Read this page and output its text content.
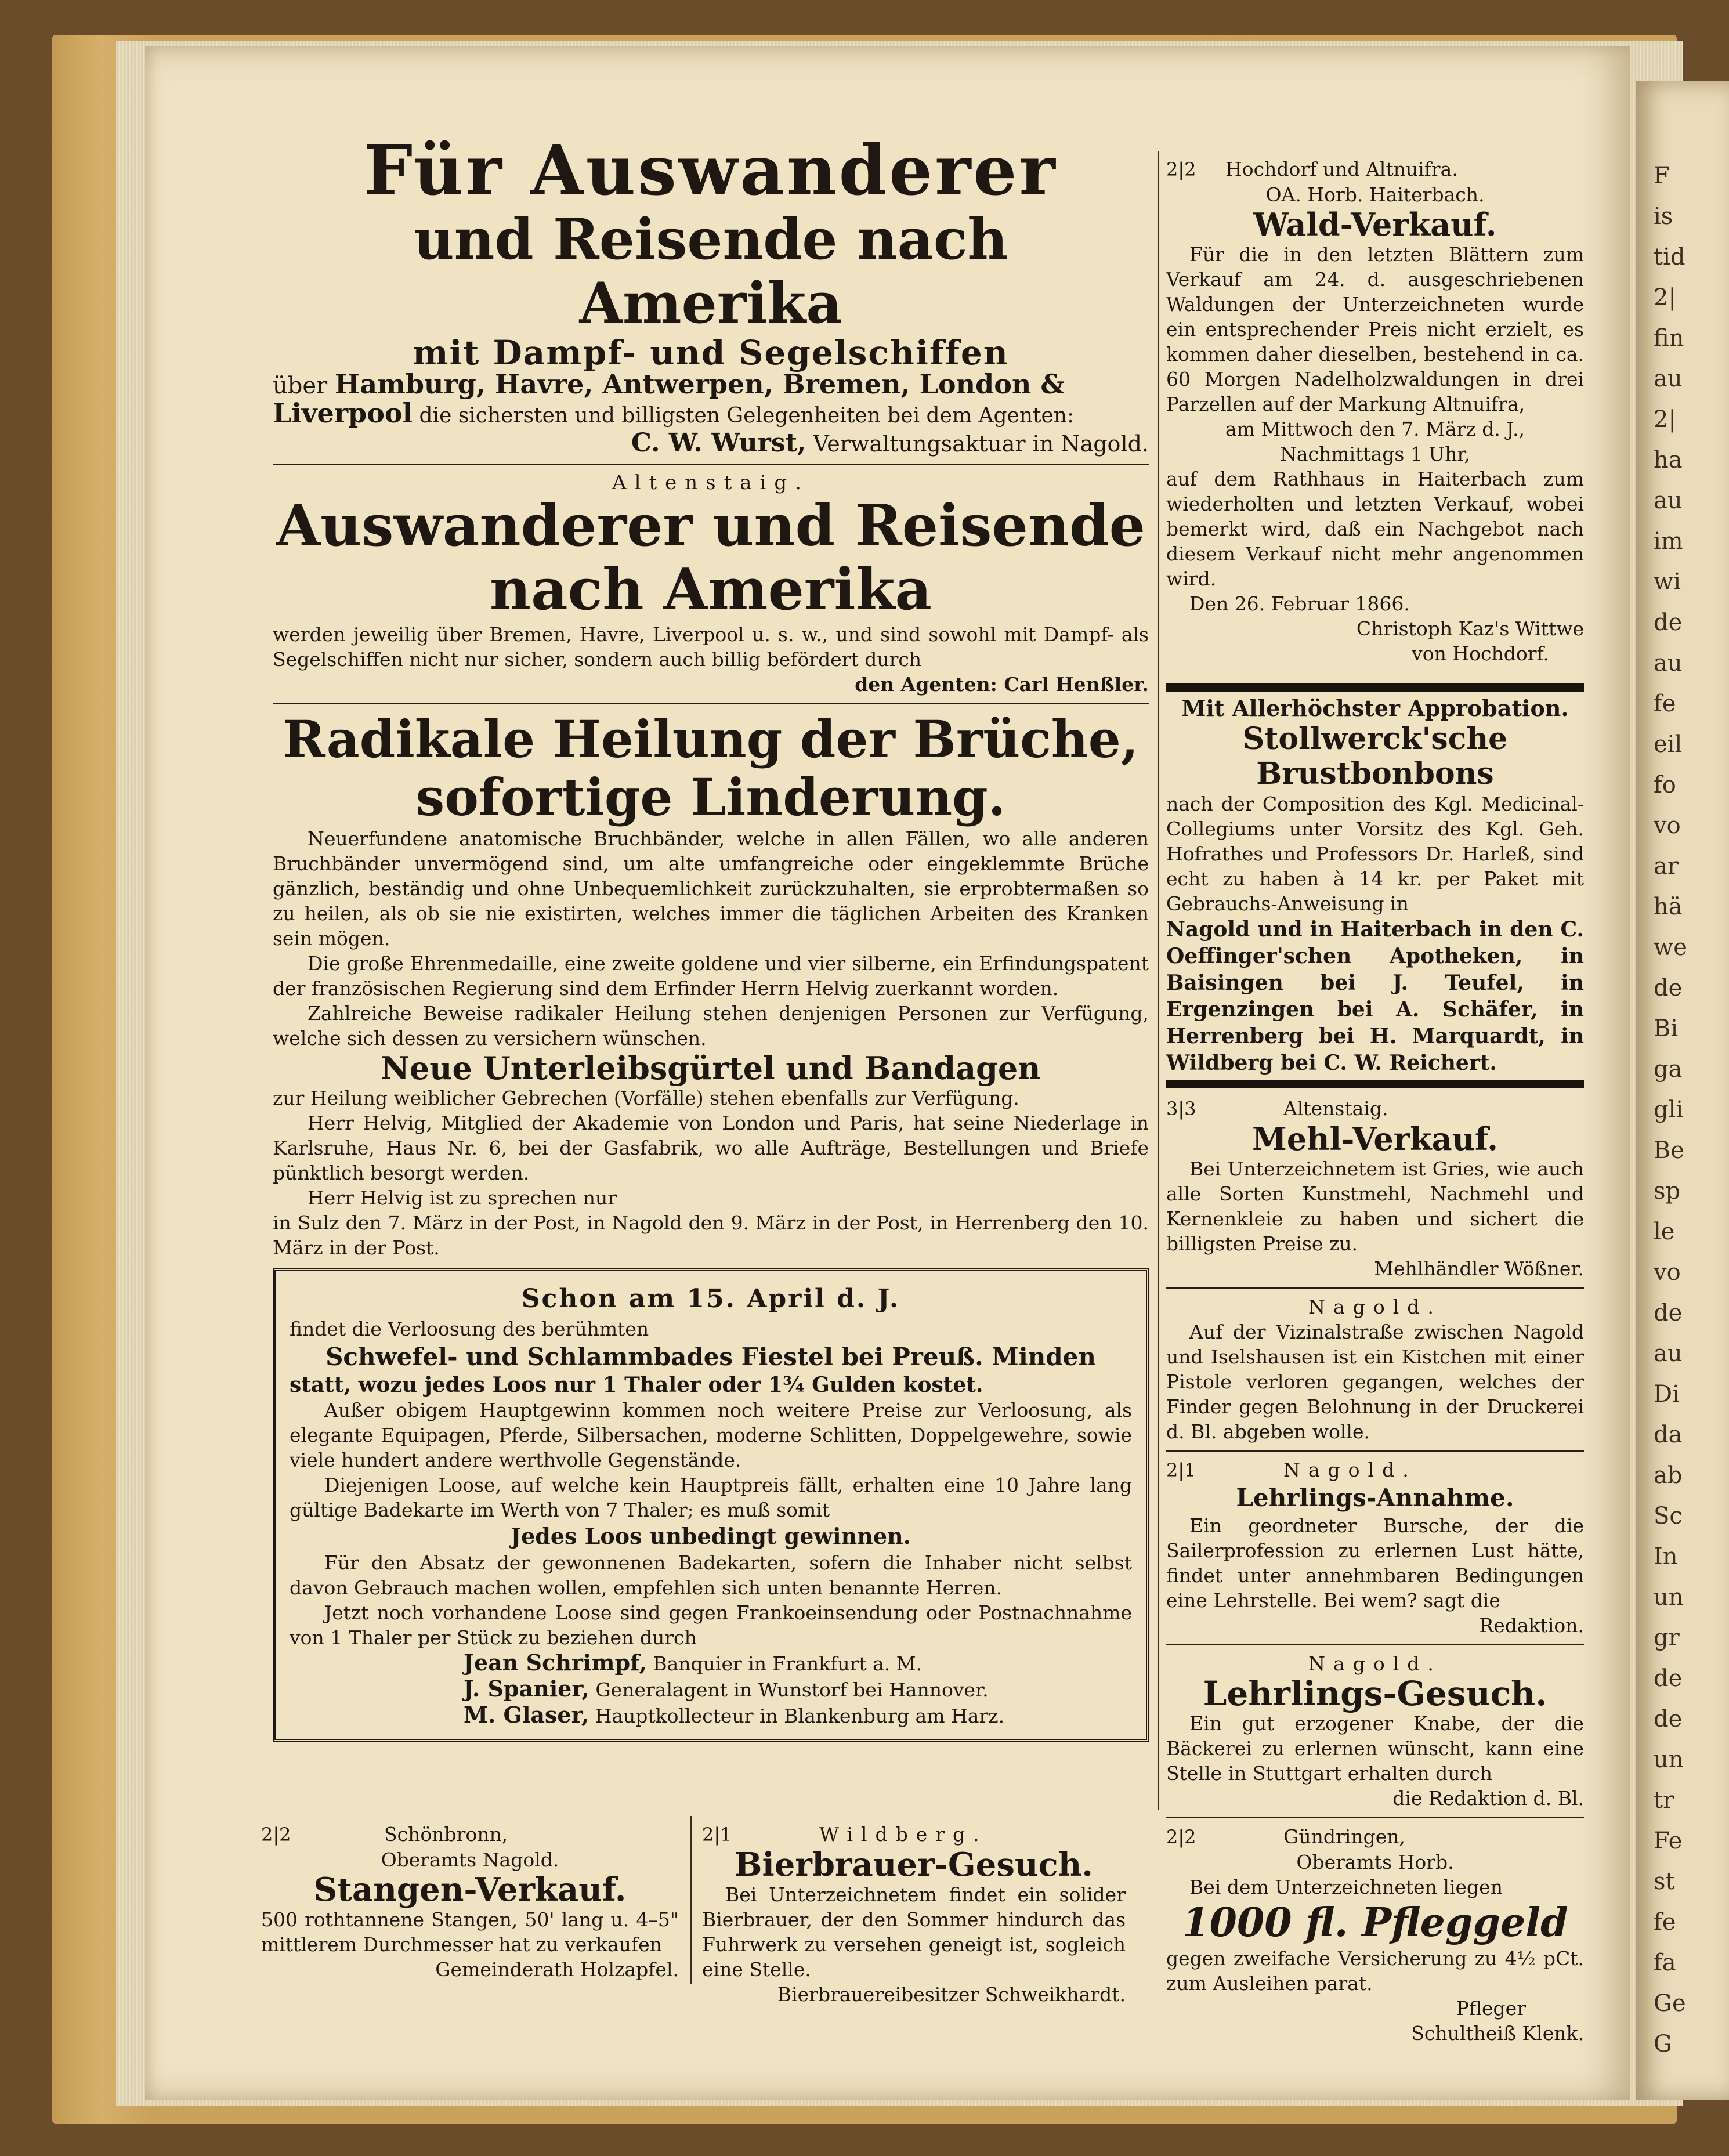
F
is
tid
2|
fin
au
2|
ha
au
im
wi
de
au
fe
eil
fo
vo
ar
hä
we
de
Bi
ga
gli
Be
sp
le
vo
de
au
Di
da
ab
Sc
In
un
gr
de
de
un
tr
Fe
st
fe
fa
Ge
G
Für Auswanderer
und Reisende nach Amerika
mit Dampf- und Segelschiffen
über Hamburg, Havre, Antwerpen, Bremen, London &
Liverpool die sichersten und billigsten Gelegenheiten bei dem Agenten:
C. W. Wurst, Verwaltungsaktuar in Nagold.
Altenstaig.
Auswanderer und Reisende
nach Amerika
werden jeweilig über Bremen, Havre, Liverpool u. s. w., und sind sowohl mit Dampf- als Segelschiffen nicht nur sicher, sondern auch billig befördert durch
den Agenten: Carl Henßler.
Radikale Heilung der Brüche,
sofortige Linderung.
Neuerfundene anatomische Bruchbänder, welche in allen Fällen, wo alle anderen Bruchbänder unvermögend sind, um alte umfangreiche oder eingeklemmte Brüche gänzlich, beständig und ohne Unbequemlichkeit zurückzuhalten, sie erprobtermaßen so zu heilen, als ob sie nie existirten, welches immer die täglichen Arbeiten des Kranken sein mögen.
Die große Ehrenmedaille, eine zweite goldene und vier silberne, ein Erfindungspatent der französischen Regierung sind dem Erfinder Herrn Helvig zuerkannt worden.
Zahlreiche Beweise radikaler Heilung stehen denjenigen Personen zur Verfügung, welche sich dessen zu versichern wünschen.
Neue Unterleibsgürtel und Bandagen
zur Heilung weiblicher Gebrechen (Vorfälle) stehen ebenfalls zur Verfügung.
Herr Helvig, Mitglied der Akademie von London und Paris, hat seine Niederlage in Karlsruhe, Haus Nr. 6, bei der Gasfabrik, wo alle Aufträge, Bestellungen und Briefe pünktlich besorgt werden.
Herr Helvig ist zu sprechen nur
in Sulz den 7. März in der Post, in Nagold den 9. März in der Post, in Herrenberg den 10. März in der Post.
Schon am 15. April d. J.
findet die Verloosung des berühmten
Schwefel- und Schlammbades Fiestel bei Preuß. Minden
statt, wozu jedes Loos nur 1 Thaler oder 1¾ Gulden kostet.
Außer obigem Hauptgewinn kommen noch weitere Preise zur Verloosung, als elegante Equipagen, Pferde, Silbersachen, moderne Schlitten, Doppelgewehre, sowie viele hundert andere werthvolle Gegenstände.
Diejenigen Loose, auf welche kein Hauptpreis fällt, erhalten eine 10 Jahre lang gültige Badekarte im Werth von 7 Thaler; es muß somit
Jedes Loos unbedingt gewinnen.
Für den Absatz der gewonnenen Badekarten, sofern die Inhaber nicht selbst davon Gebrauch machen wollen, empfehlen sich unten benannte Herren.
Jetzt noch vorhandene Loose sind gegen Frankoeinsendung oder Postnachnahme von 1 Thaler per Stück zu beziehen durch
Jean Schrimpf, Banquier in Frankfurt a. M.
J. Spanier, Generalagent in Wunstorf bei Hannover.
M. Glaser, Hauptkollecteur in Blankenburg am Harz.
2|2 Hochdorf und Altnuifra.
OA. Horb. Haiterbach.
Wald-Verkauf.
Für die in den letzten Blättern zum Verkauf am 24. d. ausgeschriebenen Waldungen der Unterzeichneten wurde ein entsprechender Preis nicht erzielt, es kommen daher dieselben, bestehend in ca. 60 Morgen Nadelholzwaldungen in drei Parzellen auf der Markung Altnuifra,
am Mittwoch den 7. März d. J.,
Nachmittags 1 Uhr,
auf dem Rathhaus in Haiterbach zum wiederholten und letzten Verkauf, wobei bemerkt wird, daß ein Nachgebot nach diesem Verkauf nicht mehr angenommen wird.
Den 26. Februar 1866.
Christoph Kaz's Wittwe
von Hochdorf.
Mit Allerhöchster Approbation.
Stollwerck'sche Brustbonbons
nach der Composition des Kgl. Medicinal-Collegiums unter Vorsitz des Kgl. Geh. Hofrathes und Professors Dr. Harleß, sind echt zu haben à 14 kr. per Paket mit Gebrauchs-Anweisung in
Nagold und in Haiterbach in den C. Oeffinger'schen Apotheken, in Baisingen bei J. Teufel, in Ergenzingen bei A. Schäfer, in Herrenberg bei H. Marquardt, in Wildberg bei C. W. Reichert.
3|3	Altenstaig.
Mehl-Verkauf.
Bei Unterzeichnetem ist Gries, wie auch alle Sorten Kunstmehl, Nachmehl und Kernenkleie zu haben und sichert die billigsten Preise zu.
Mehlhändler Wößner.
Nagold.
Auf der Vizinalstraße zwischen Nagold und Iselshausen ist ein Kistchen mit einer Pistole verloren gegangen, welches der Finder gegen Belohnung in der Druckerei d. Bl. abgeben wolle.
2|1	Nagold.
Lehrlings-Annahme.
Ein geordneter Bursche, der die Sailerprofession zu erlernen Lust hätte, findet unter annehmbaren Bedingungen eine Lehrstelle. Bei wem? sagt die
Redaktion.
Nagold.
Lehrlings-Gesuch.
Ein gut erzogener Knabe, der die Bäckerei zu erlernen wünscht, kann eine Stelle in Stuttgart erhalten durch
die Redaktion d. Bl.
2|2	Gündringen,
Oberamts Horb.
Bei dem Unterzeichneten liegen
1000 fl. Pfleggeld
gegen zweifache Versicherung zu 4½ pCt. zum Ausleihen parat.
Pfleger
Schultheiß Klenk.
2|2	Schönbronn,
Oberamts Nagold.
Stangen-Verkauf.
500 rothtannene Stangen, 50' lang u. 4–5" mittlerem Durchmesser hat zu verkaufen
Gemeinderath Holzapfel.
2|1	Wildberg.
Bierbrauer-Gesuch.
Bei Unterzeichnetem findet ein solider Bierbrauer, der den Sommer hindurch das Fuhrwerk zu versehen geneigt ist, sogleich eine Stelle.
Bierbrauereibesitzer Schweikhardt.
